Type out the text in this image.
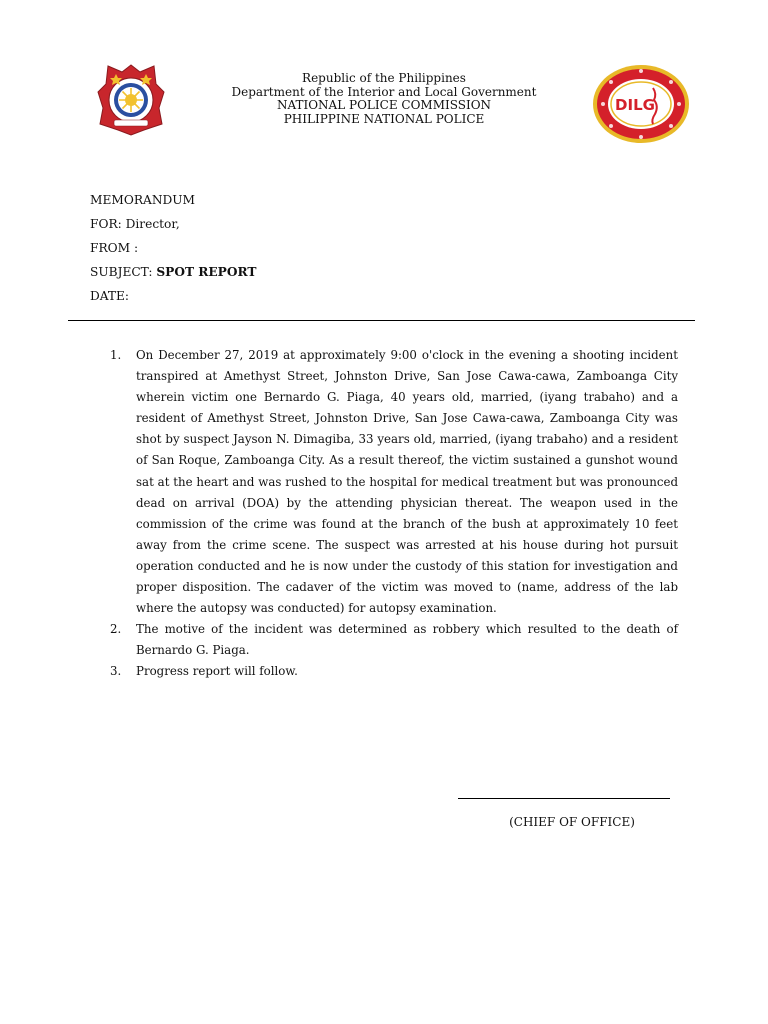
Republic of the Philippines
Department of the Interior and Local Government
NATIONAL POLICE COMMISSION
PHILIPPINE NATIONAL POLICE
DILG
MEMORANDUM
FOR: Director,
FROM :
SUBJECT: SPOT REPORT
DATE:

1. On December 27, 2019 at approximately 9:00 o'clock in the evening a shooting incident transpired at Amethyst Street, Johnston Drive, San Jose Cawa-cawa, Zamboanga City wherein victim one Bernardo G. Piaga, 40 years old, married, (iyang trabaho) and a resident of Amethyst Street, Johnston Drive, San Jose Cawa-cawa, Zamboanga City was shot by suspect Jayson N. Dimagiba, 33 years old, married, (iyang trabaho) and a resident of San Roque, Zamboanga City. As a result thereof, the victim sustained a gunshot wound sat at the heart and was rushed to the hospital for medical treatment but was pronounced dead on arrival (DOA) by the attending physician thereat. The weapon used in the commission of the crime was found at the branch of the bush at approximately 10 feet away from the crime scene. The suspect was arrested at his house during hot pursuit operation conducted and he is now under the custody of this station for investigation and proper disposition. The cadaver of the victim was moved to (name, address of the lab where the autopsy was conducted) for autopsy examination.

2. The motive of the incident was determined as robbery which resulted to the death of Bernardo G. Piaga.

3. Progress report will follow.

(CHIEF OF OFFICE)
